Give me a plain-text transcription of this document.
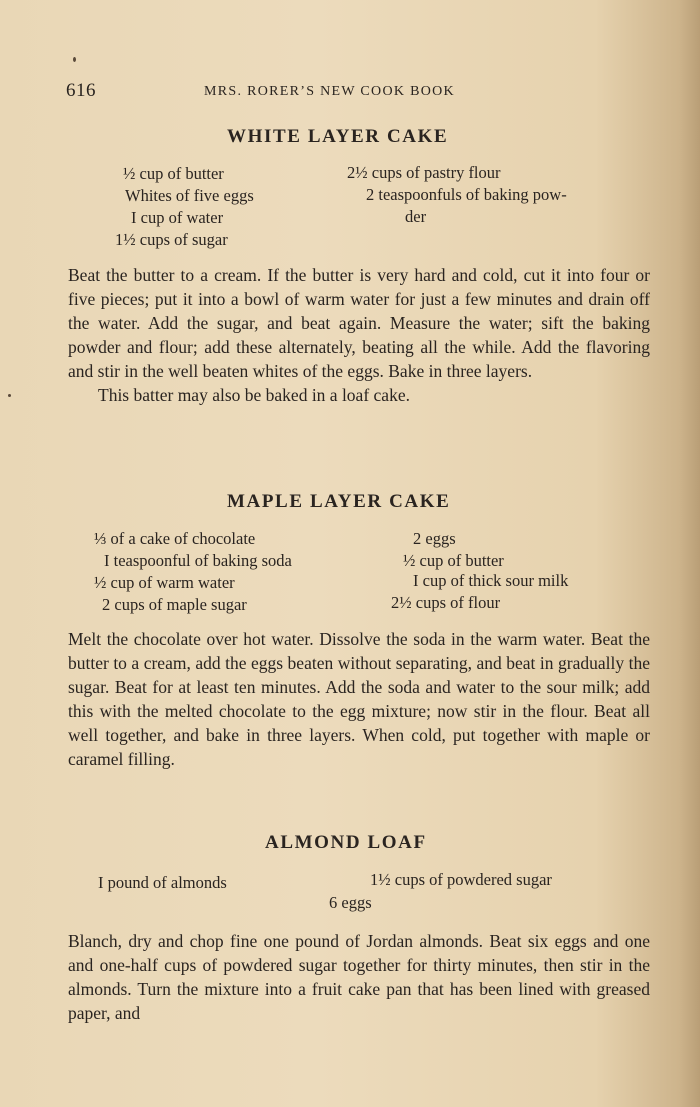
616	MRS. RORER’S NEW COOK BOOK
WHITE LAYER CAKE
½ cup of butter
Whites of five eggs
I cup of water
1½ cups of sugar
2½ cups of pastry flour
2 teaspoonfuls of baking pow-
der

Beat the butter to a cream. If the butter is very hard and cold, cut it into four or five pieces; put it into a bowl of warm water for just a few minutes and drain off the water. Add the sugar, and beat again. Measure the water; sift the baking powder and flour; add these alternately, beating all the while. Add the flavoring and stir in the well beaten whites of the eggs. Bake in three layers.

This batter may also be baked in a loaf cake.

MAPLE LAYER CAKE
⅓ of a cake of chocolate
I teaspoonful of baking soda
½ cup of warm water
2 cups of maple sugar
2 eggs
½ cup of butter
I cup of thick sour milk
2½ cups of flour

Melt the chocolate over hot water. Dissolve the soda in the warm water. Beat the butter to a cream, add the eggs beaten without separating, and beat in gradually the sugar. Beat for at least ten minutes. Add the soda and water to the sour milk; add this with the melted chocolate to the egg mixture; now stir in the flour. Beat all well together, and bake in three layers. When cold, put together with maple or caramel filling.

ALMOND LOAF
I pound of almonds	1½ cups of powdered sugar
6 eggs

Blanch, dry and chop fine one pound of Jordan almonds. Beat six eggs and one and one-half cups of powdered sugar together for thirty minutes, then stir in the almonds. Turn the mixture into a fruit cake pan that has been lined with greased paper, and
